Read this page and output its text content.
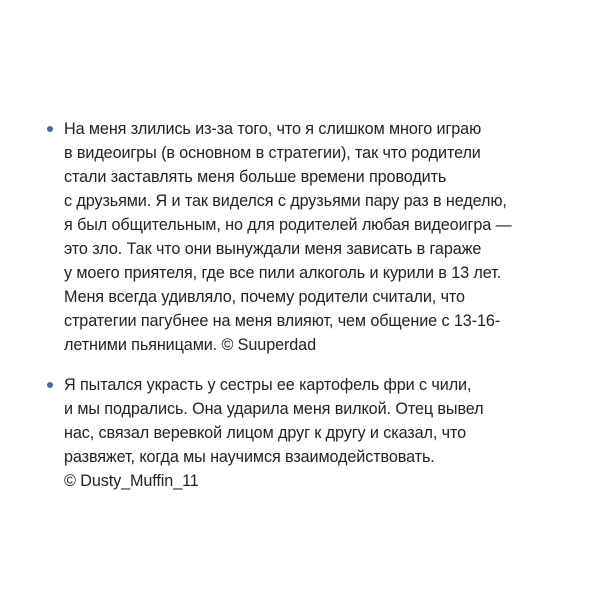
На меня злились из-за того, что я слишком много играю
в видеоигры (в основном в стратегии), так что родители
стали заставлять меня больше времени проводить
с друзьями. Я и так виделся с друзьями пару раз в неделю,
я был общительным, но для родителей любая видеоигра —
это зло. Так что они вынуждали меня зависать в гараже
у моего приятеля, где все пили алкоголь и курили в 13 лет.
Меня всегда удивляло, почему родители считали, что
стратегии пагубнее на меня влияют, чем общение с 13-16-
летними пьяницами. © Suuperdad
Я пытался украсть у сестры ее картофель фри с чили,
и мы подрались. Она ударила меня вилкой. Отец вывел
нас, связал веревкой лицом друг к другу и сказал, что
развяжет, когда мы научимся взаимодействовать.
© Dusty_Muffin_11
